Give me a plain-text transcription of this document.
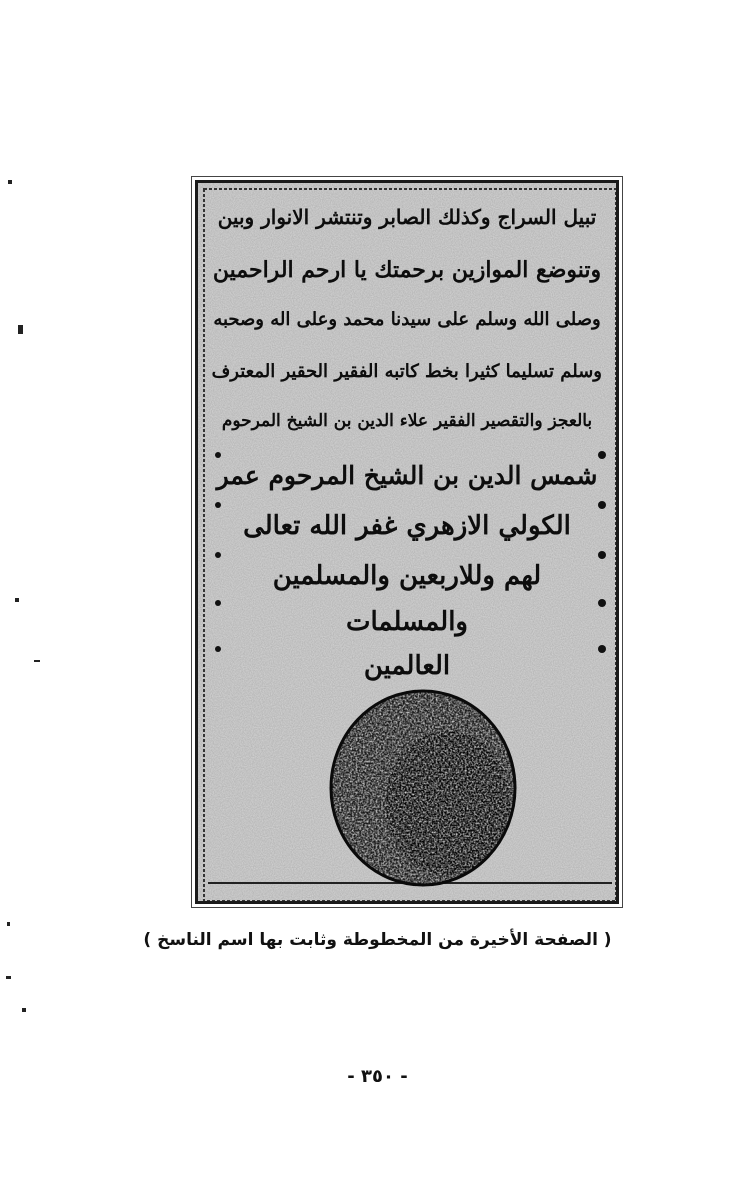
تبيل السراج وكذلك الصابر وتنتشر الانوار وبين
وتنوضع الموازين برحمتك يا ارحم الراحمين
وصلى الله وسلم على سيدنا محمد وعلى اله وصحبه
وسلم تسليما كثيرا بخط كاتبه الفقير الحقير المعترف
بالعجز والتقصير الفقير علاء الدين بن الشيخ المرحوم
شمس الدين بن الشيخ المرحوم عمر
الكولي الازهري غفر الله تعالى
لهم وللاربعين والمسلمين
والمسلمات
العالمين
( الصفحة الأخيرة من المخطوطة وثابت بها اسم الناسخ )
- ٣٥٠ -
